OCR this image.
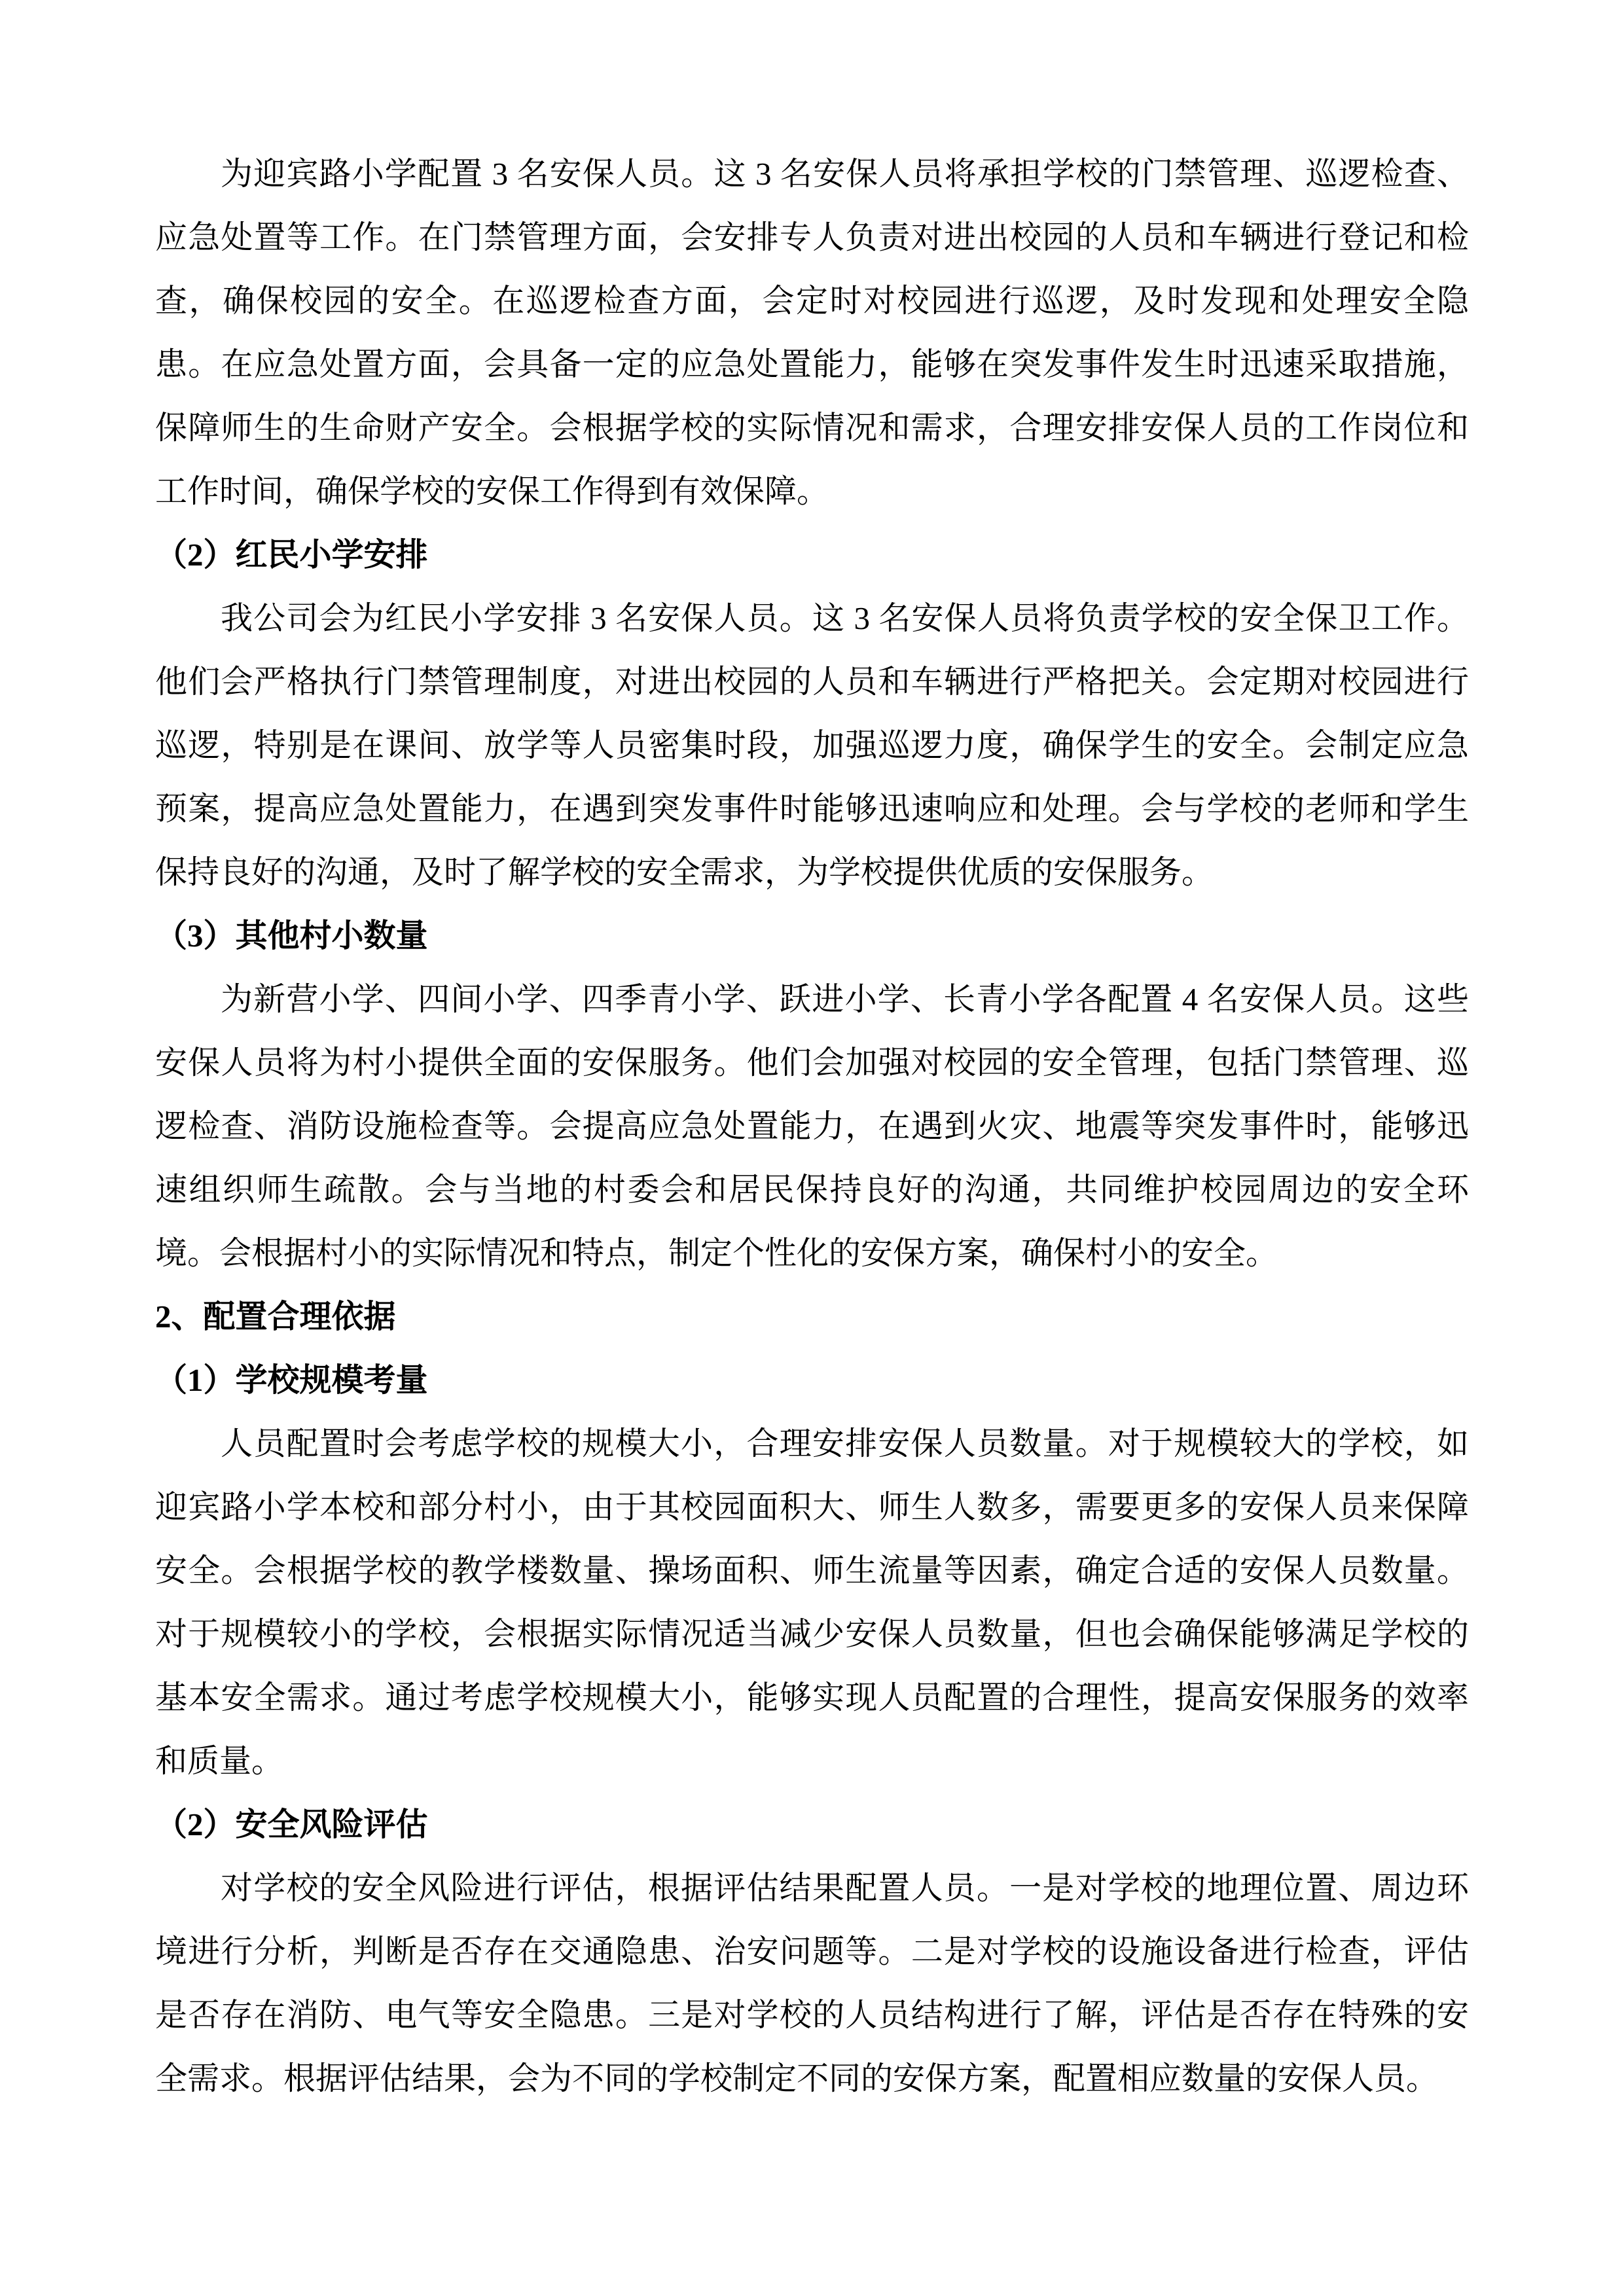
为迎宾路小学配置 3 名安保人员。这 3 名安保人员将承担学校的门禁管理、巡逻检查、
应急处置等工作。在门禁管理方面，会安排专人负责对进出校园的人员和车辆进行登记和检
查，确保校园的安全。在巡逻检查方面，会定时对校园进行巡逻，及时发现和处理安全隐
患。在应急处置方面，会具备一定的应急处置能力，能够在突发事件发生时迅速采取措施，
保障师生的生命财产安全。会根据学校的实际情况和需求，合理安排安保人员的工作岗位和
工作时间，确保学校的安保工作得到有效保障。
（2）红民小学安排
我公司会为红民小学安排 3 名安保人员。这 3 名安保人员将负责学校的安全保卫工作。
他们会严格执行门禁管理制度，对进出校园的人员和车辆进行严格把关。会定期对校园进行
巡逻，特别是在课间、放学等人员密集时段，加强巡逻力度，确保学生的安全。会制定应急
预案，提高应急处置能力，在遇到突发事件时能够迅速响应和处理。会与学校的老师和学生
保持良好的沟通，及时了解学校的安全需求，为学校提供优质的安保服务。
（3）其他村小数量
为新营小学、四间小学、四季青小学、跃进小学、长青小学各配置 4 名安保人员。这些
安保人员将为村小提供全面的安保服务。他们会加强对校园的安全管理，包括门禁管理、巡
逻检查、消防设施检查等。会提高应急处置能力，在遇到火灾、地震等突发事件时，能够迅
速组织师生疏散。会与当地的村委会和居民保持良好的沟通，共同维护校园周边的安全环
境。会根据村小的实际情况和特点，制定个性化的安保方案，确保村小的安全。
2、配置合理依据
（1）学校规模考量
人员配置时会考虑学校的规模大小，合理安排安保人员数量。对于规模较大的学校，如
迎宾路小学本校和部分村小，由于其校园面积大、师生人数多，需要更多的安保人员来保障
安全。会根据学校的教学楼数量、操场面积、师生流量等因素，确定合适的安保人员数量。
对于规模较小的学校，会根据实际情况适当减少安保人员数量，但也会确保能够满足学校的
基本安全需求。通过考虑学校规模大小，能够实现人员配置的合理性，提高安保服务的效率
和质量。
（2）安全风险评估
对学校的安全风险进行评估，根据评估结果配置人员。一是对学校的地理位置、周边环
境进行分析，判断是否存在交通隐患、治安问题等。二是对学校的设施设备进行检查，评估
是否存在消防、电气等安全隐患。三是对学校的人员结构进行了解，评估是否存在特殊的安
全需求。根据评估结果，会为不同的学校制定不同的安保方案，配置相应数量的安保人员。
